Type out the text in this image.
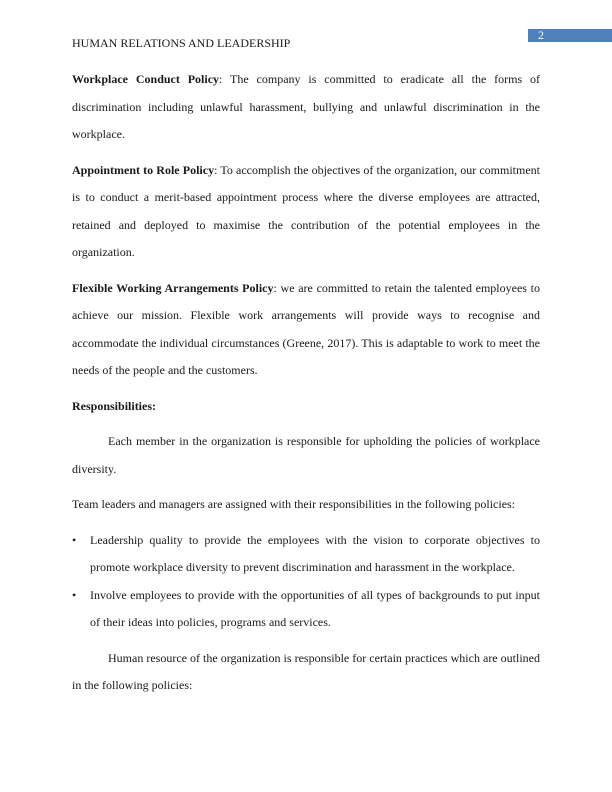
HUMAN RELATIONS AND LEADERSHIP
2

Workplace Conduct Policy: The company is committed to eradicate all the forms of discrimination including unlawful harassment, bullying and unlawful discrimination in the workplace.

Appointment to Role Policy: To accomplish the objectives of the organization, our commitment is to conduct a merit-based appointment process where the diverse employees are attracted, retained and deployed to maximise the contribution of the potential employees in the organization.

Flexible Working Arrangements Policy: we are committed to retain the talented employees to achieve our mission. Flexible work arrangements will provide ways to recognise and accommodate the individual circumstances (Greene, 2017). This is adaptable to work to meet the needs of the people and the customers.

Responsibilities:

Each member in the organization is responsible for upholding the policies of workplace diversity.

Team leaders and managers are assigned with their responsibilities in the following policies:

• Leadership quality to provide the employees with the vision to corporate objectives to promote workplace diversity to prevent discrimination and harassment in the workplace.
• Involve employees to provide with the opportunities of all types of backgrounds to put input of their ideas into policies, programs and services.

Human resource of the organization is responsible for certain practices which are outlined in the following policies:
